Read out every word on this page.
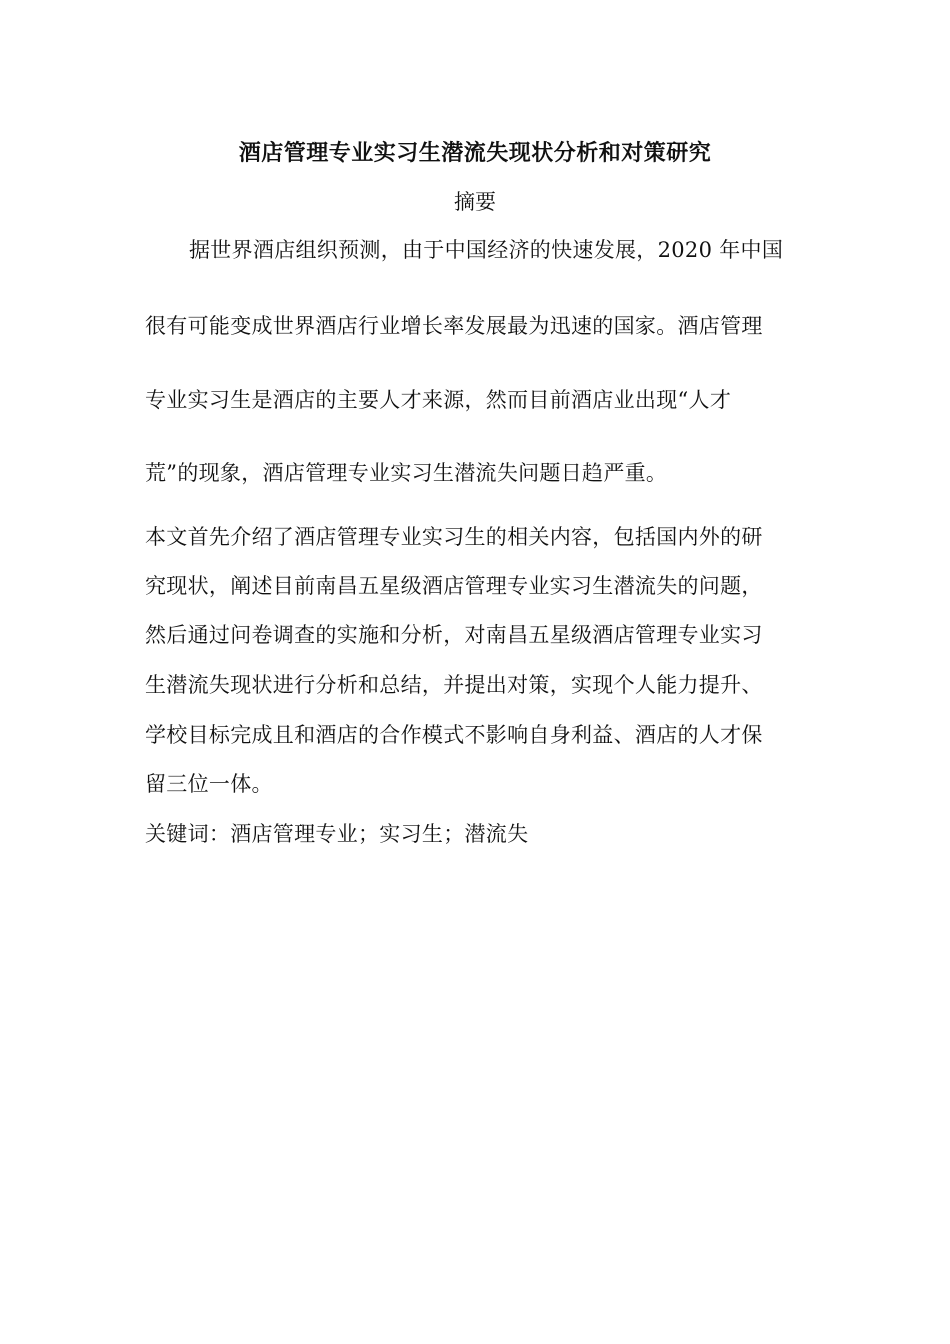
酒店管理专业实习生潜流失现状分析和对策研究
摘要
据世界酒店组织预测，由于中国经济的快速发展，2020 年中国
很有可能变成世界酒店行业增长率发展最为迅速的国家。酒店管理
专业实习生是酒店的主要人才来源，然而目前酒店业出现“人才
荒”的现象，酒店管理专业实习生潜流失问题日趋严重。
本文首先介绍了酒店管理专业实习生的相关内容，包括国内外的研
究现状，阐述目前南昌五星级酒店管理专业实习生潜流失的问题，
然后通过问卷调查的实施和分析，对南昌五星级酒店管理专业实习
生潜流失现状进行分析和总结，并提出对策，实现个人能力提升、
学校目标完成且和酒店的合作模式不影响自身利益、酒店的人才保
留三位一体。
关键词：酒店管理专业；实习生；潜流失
